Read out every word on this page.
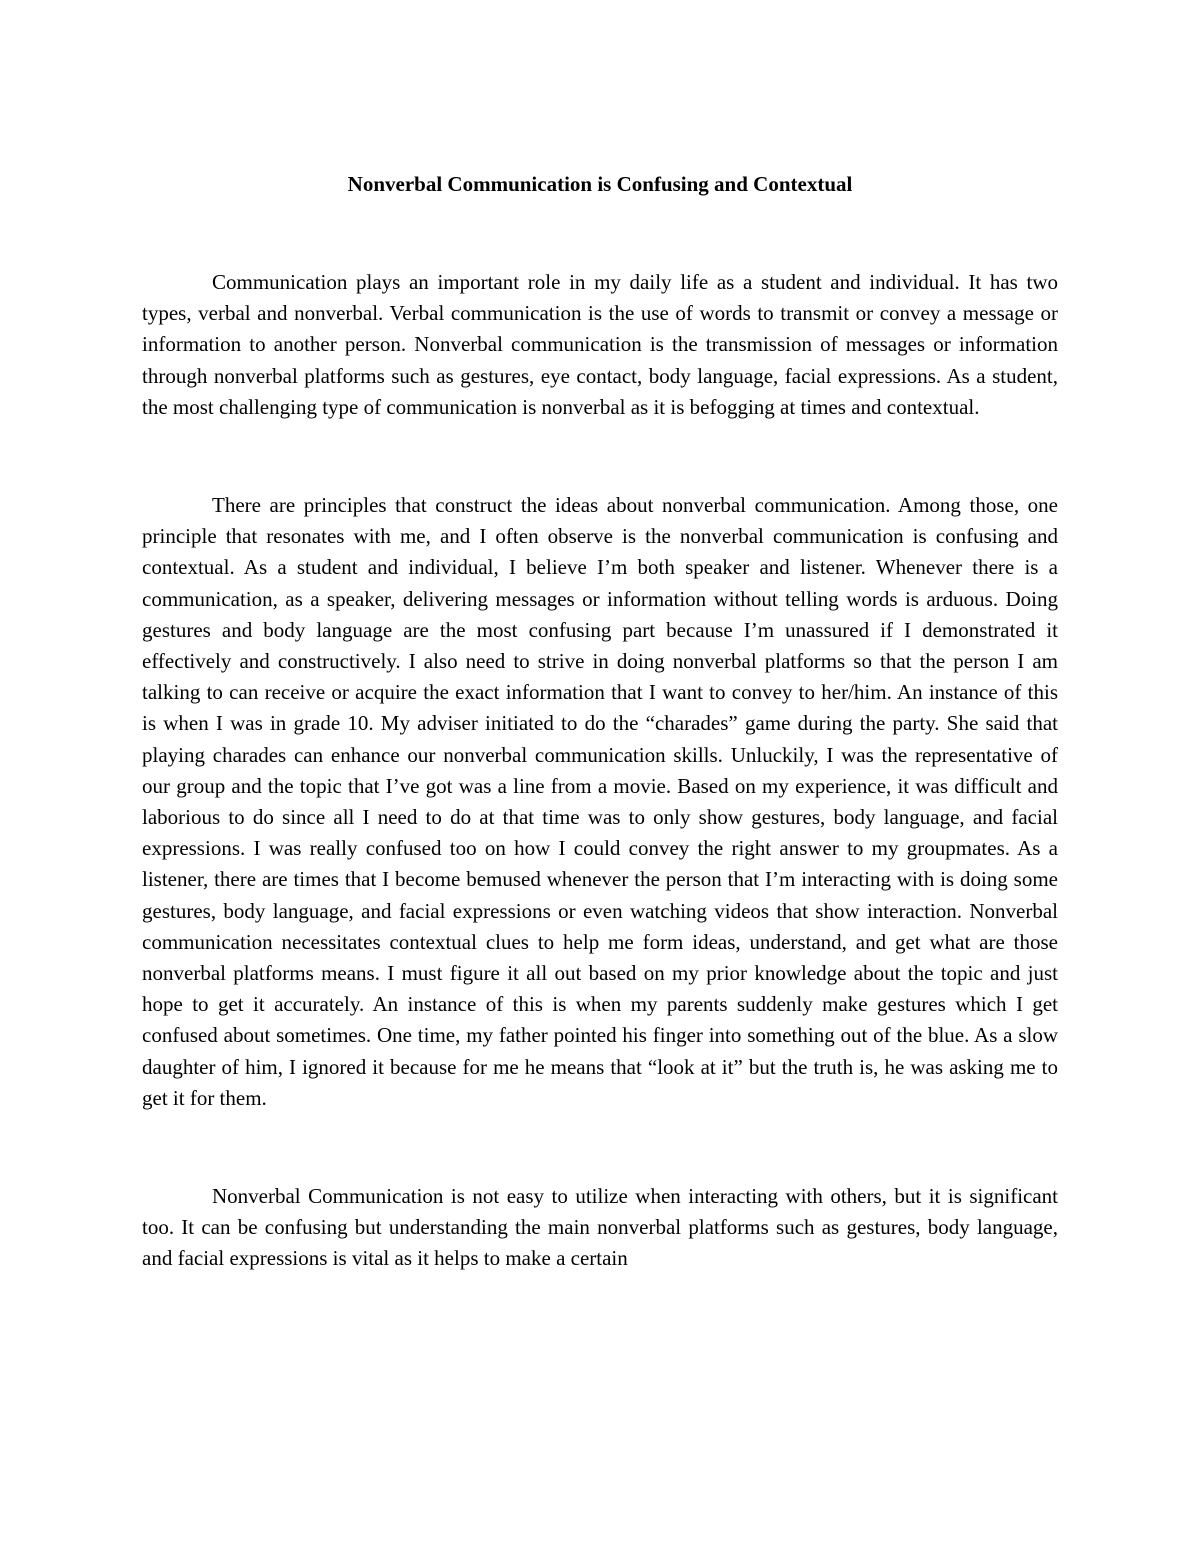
Nonverbal Communication is Confusing and Contextual

Communication plays an important role in my daily life as a student and individual. It has two types, verbal and nonverbal. Verbal communication is the use of words to transmit or convey a message or information to another person. Nonverbal communication is the transmission of messages or information through nonverbal platforms such as gestures, eye contact, body language, facial expressions. As a student, the most challenging type of communication is nonverbal as it is befogging at times and contextual.

There are principles that construct the ideas about nonverbal communication. Among those, one principle that resonates with me, and I often observe is the nonverbal communication is confusing and contextual. As a student and individual, I believe I’m both speaker and listener. Whenever there is a communication, as a speaker, delivering messages or information without telling words is arduous. Doing gestures and body language are the most confusing part because I’m unassured if I demonstrated it effectively and constructively. I also need to strive in doing nonverbal platforms so that the person I am talking to can receive or acquire the exact information that I want to convey to her/him. An instance of this is when I was in grade 10. My adviser initiated to do the “charades” game during the party. She said that playing charades can enhance our nonverbal communication skills. Unluckily, I was the representative of our group and the topic that I’ve got was a line from a movie. Based on my experience, it was difficult and laborious to do since all I need to do at that time was to only show gestures, body language, and facial expressions. I was really confused too on how I could convey the right answer to my groupmates. As a listener, there are times that I become bemused whenever the person that I’m interacting with is doing some gestures, body language, and facial expressions or even watching videos that show interaction. Nonverbal communication necessitates contextual clues to help me form ideas, understand, and get what are those nonverbal platforms means. I must figure it all out based on my prior knowledge about the topic and just hope to get it accurately. An instance of this is when my parents suddenly make gestures which I get confused about sometimes. One time, my father pointed his finger into something out of the blue. As a slow daughter of him, I ignored it because for me he means that “look at it” but the truth is, he was asking me to get it for them.

Nonverbal Communication is not easy to utilize when interacting with others, but it is significant too. It can be confusing but understanding the main nonverbal platforms such as gestures, body language, and facial expressions is vital as it helps to make a certain
